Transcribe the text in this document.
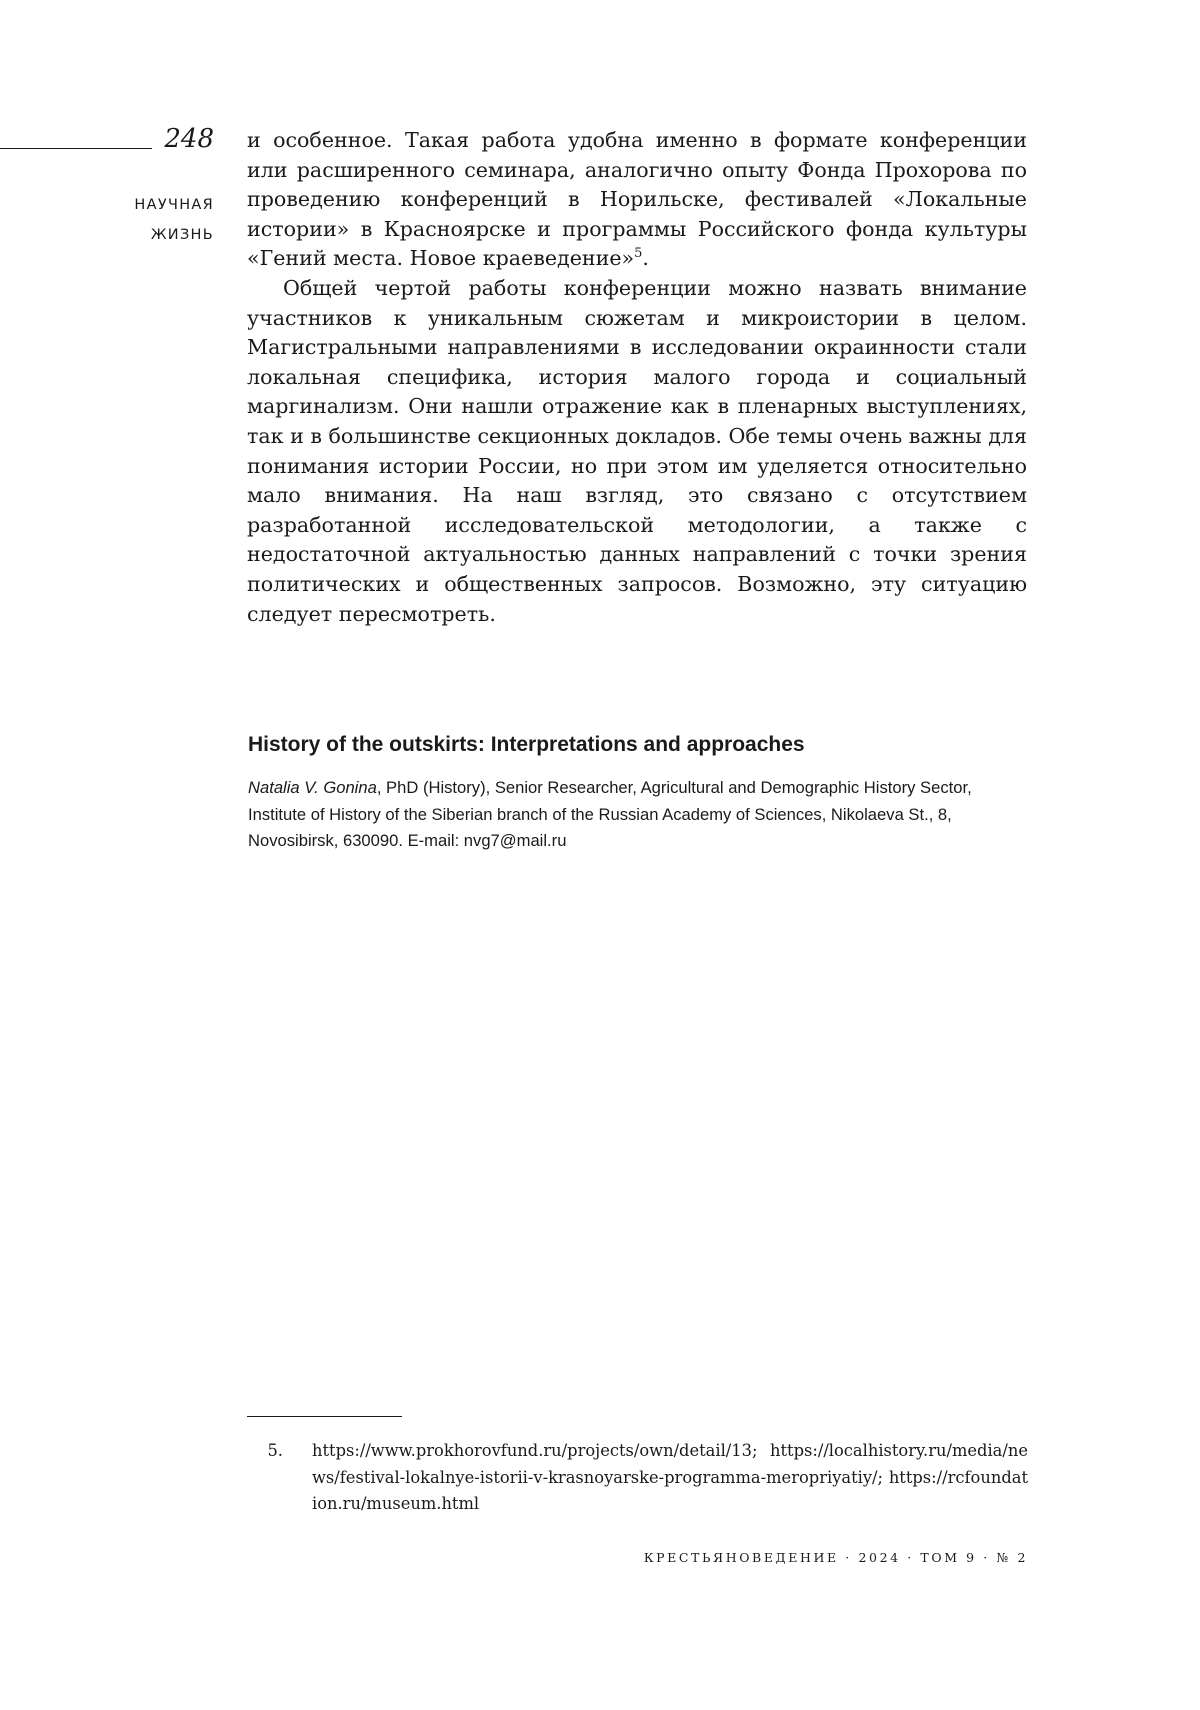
248
НАУЧНАЯ
ЖИЗНЬ

и особенное. Такая работа удобна именно в формате конференции или расширенного семинара, аналогично опыту Фонда Прохорова по проведению конференций в Норильске, фестивалей «Локальные истории» в Красноярске и программы Российского фонда культуры «Гений места. Новое краеведение»$^5$.

Общей чертой работы конференции можно назвать внимание участников к уникальным сюжетам и микроистории в целом. Магистральными направлениями в исследовании окраинности стали локальная специфика, история малого города и социальный маргинализм. Они нашли отражение как в пленарных выступлениях, так и в большинстве секционных докладов. Обе темы очень важны для понимания истории России, но при этом им уделяется относительно мало внимания. На наш взгляд, это связано с отсутствием разработанной исследовательской методологии, а также с недостаточной актуальностью данных направлений с точки зрения политических и общественных запросов. Возможно, эту ситуацию следует пересмотреть.

History of the outskirts: Interpretations and approaches

Natalia V. Gonina, PhD (History), Senior Researcher, Agricultural and Demographic History Sector, Institute of History of the Siberian branch of the Russian Academy of Sciences, Nikolaeva St., 8, Novosibirsk, 630090. E-mail: nvg7@mail.ru

5.	https://www.prokhorovfund.ru/projects/own/detail/13; https://localhistory.ru/media/news/festival-lokalnye-istorii-v-krasnoyarske-programma-meropriyatiy/; https://rcfoundation.ru/museum.html

КРЕСТЬЯНОВЕДЕНИЕ · 2024 · ТОМ 9 · № 2
